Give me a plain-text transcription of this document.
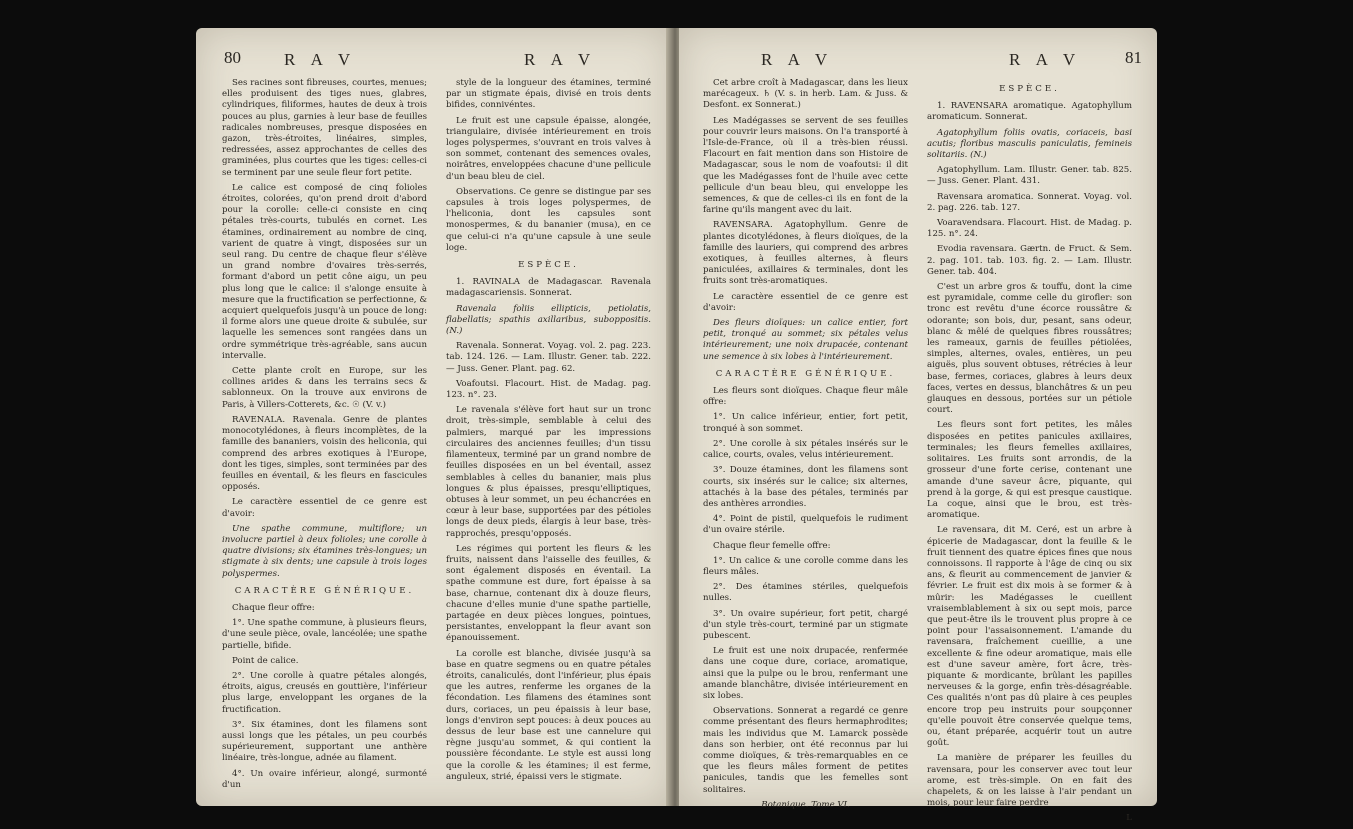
80	R A V	R A V

Ses racines sont fibreuses, courtes, menues; elles produisent des tiges nues, glabres, cylindriques, filiformes, hautes de deux à trois pouces au plus, garnies à leur base de feuilles radicales nombreuses, presque disposées en gazon, très-étroites, linéaires, simples, redressées, assez approchantes de celles des graminées, plus courtes que les tiges: celles-ci se terminent par une seule fleur fort petite.

Le calice est composé de cinq folioles étroites, colorées, qu'on prend droit d'abord pour la corolle: celle-ci consiste en cinq pétales très-courts, tubulés en cornet. Les étamines, ordinairement au nombre de cinq, varient de quatre à vingt, disposées sur un seul rang. Du centre de chaque fleur s'élève un grand nombre d'ovaires très-serrés, formant d'abord un petit cône aigu, un peu plus long que le calice: il s'alonge ensuite à mesure que la fructification se perfectionne, & acquiert quelquefois jusqu'à un pouce de long: il forme alors une queue droite & subulée, sur laquelle les semences sont rangées dans un ordre symmétrique très-agréable, sans aucun intervalle.

Cette plante croît en Europe, sur les collines arides & dans les terrains secs & sablonneux. On la trouve aux environs de Paris, à Villers-Cotterets, &c. ☉ (V. v.)

RAVENALA. Ravenala. Genre de plantes monocotylédones, à fleurs incomplètes, de la famille des bananiers, voisin des heliconia, qui comprend des arbres exotiques à l'Europe, dont les tiges, simples, sont terminées par des feuilles en éventail, & les fleurs en fascicules opposés.

Le caractère essentiel de ce genre est d'avoir:

Une spathe commune, multiflore; un involucre partiel à deux folioles; une corolle à quatre divisions; six étamines très-longues; un stigmate à six dents; une capsule à trois loges polyspermes.

CARACTÈRE GÉNÉRIQUE.

Chaque fleur offre:

1°. Une spathe commune, à plusieurs fleurs, d'une seule pièce, ovale, lancéolée; une spathe partielle, bifide.

Point de calice.

2°. Une corolle à quatre pétales alongés, étroits, aigus, creusés en gouttière, l'inférieur plus large, enveloppant les organes de la fructification.

3°. Six étamines, dont les filamens sont aussi longs que les pétales, un peu courbés supérieurement, supportant une anthère linéaire, très-longue, adnée au filament.

4°. Un ovaire inférieur, alongé, surmonté d'un

style de la longueur des étamines, terminé par un stigmate épais, divisé en trois dents bifides, connivéntes.

Le fruit est une capsule épaisse, alongée, triangulaire, divisée intérieurement en trois loges polyspermes, s'ouvrant en trois valves à son sommet, contenant des semences ovales, noirâtres, enveloppées chacune d'une pellicule d'un beau bleu de ciel.

Observations. Ce genre se distingue par ses capsules à trois loges polyspermes, de l'heliconia, dont les capsules sont monospermes, & du bananier (musa), en ce que celui-ci n'a qu'une capsule à une seule loge.

ESPÈCE.

1. RAVINALA de Madagascar. Ravenala madagascariensis. Sonnerat.

Ravenala foliis ellipticis, petiolatis, flabellatis; spathis axillaribus, suboppositis. (N.)

Ravenala. Sonnerat. Voyag. vol. 2. pag. 223. tab. 124. 126. — Lam. Illustr. Gener. tab. 222. — Juss. Gener. Plant. pag. 62.

Voafoutsi. Flacourt. Hist. de Madag. pag. 123. n°. 23.

Le ravenala s'élève fort haut sur un tronc droit, très-simple, semblable à celui des palmiers, marqué par les impressions circulaires des anciennes feuilles; d'un tissu filamenteux, terminé par un grand nombre de feuilles disposées en un bel éventail, assez semblables à celles du bananier, mais plus longues & plus épaisses, presqu'elliptiques, obtuses à leur sommet, un peu échancrées en cœur à leur base, supportées par des pétioles longs de deux pieds, élargis à leur base, très-rapprochés, presqu'opposés.

Les régimes qui portent les fleurs & les fruits, naissent dans l'aisselle des feuilles, & sont également disposés en éventail. La spathe commune est dure, fort épaisse à sa base, charnue, contenant dix à douze fleurs, chacune d'elles munie d'une spathe partielle, partagée en deux pièces longues, pointues, persistantes, enveloppant la fleur avant son épanouissement.

La corolle est blanche, divisée jusqu'à sa base en quatre segmens ou en quatre pétales étroits, canaliculés, dont l'inférieur, plus épais que les autres, renferme les organes de la fécondation. Les filamens des étamines sont durs, coriaces, un peu épaissis à leur base, longs d'environ sept pouces: à deux pouces au dessus de leur base est une cannelure qui règne jusqu'au sommet, & qui contient la poussière fécondante. Le style est aussi long que la corolle & les étamines; il est ferme, anguleux, strié, épaissi vers le stigmate.

R A V	R A V	81

Cet arbre croît à Madagascar, dans les lieux marécageux. ♄ (V. s. in herb. Lam. & Juss. & Desfont. ex Sonnerat.)

Les Madégasses se servent de ses feuilles pour couvrir leurs maisons. On l'a transporté à l'Isle-de-France, où il a très-bien réussi. Flacourt en fait mention dans son Histoire de Madagascar, sous le nom de voafoutsi: il dit que les Madégasses font de l'huile avec cette pellicule d'un beau bleu, qui enveloppe les semences, & que de celles-ci ils en font de la farine qu'ils mangent avec du lait.

RAVENSARA. Agatophyllum. Genre de plantes dicotylédones, à fleurs dioïques, de la famille des lauriers, qui comprend des arbres exotiques, à feuilles alternes, à fleurs paniculées, axillaires & terminales, dont les fruits sont très-aromatiques.

Le caractère essentiel de ce genre est d'avoir:

Des fleurs dioïques: un calice entier, fort petit, tronqué au sommet; six pétales velus intérieurement; une noix drupacée, contenant une semence à six lobes à l'intérieurement.

CARACTÈRE GÉNÉRIQUE.

Les fleurs sont dioïques. Chaque fleur mâle offre:

1°. Un calice inférieur, entier, fort petit, tronqué à son sommet.

2°. Une corolle à six pétales insérés sur le calice, courts, ovales, velus intérieurement.

3°. Douze étamines, dont les filamens sont courts, six insérés sur le calice; six alternes, attachés à la base des pétales, terminés par des anthères arrondies.

4°. Point de pistil, quelquefois le rudiment d'un ovaire stérile.

Chaque fleur femelle offre:

1°. Un calice & une corolle comme dans les fleurs mâles.

2°. Des étamines stériles, quelquefois nulles.

3°. Un ovaire supérieur, fort petit, chargé d'un style très-court, terminé par un stigmate pubescent.

Le fruit est une noix drupacée, renfermée dans une coque dure, coriace, aromatique, ainsi que la pulpe ou le brou, renfermant une amande blanchâtre, divisée intérieurement en six lobes.

Observations. Sonnerat a regardé ce genre comme présentant des fleurs hermaphrodites; mais les individus que M. Lamarck possède dans son herbier, ont été reconnus par lui comme dioïques, & très-remarquables en ce que les fleurs mâles forment de petites panicules, tandis que les femelles sont solitaires.

Botanique. Tome VI.

ESPÈCE.

1. RAVENSARA aromatique. Agatophyllum aromaticum. Sonnerat.

Agatophyllum foliis ovatis, coriaceis, basi acutis; floribus masculis paniculatis, femineis solitariis. (N.)

Agatophyllum. Lam. Illustr. Gener. tab. 825. — Juss. Gener. Plant. 431.

Ravensara aromatica. Sonnerat. Voyag. vol. 2. pag. 226. tab. 127.

Voaravendsara. Flacourt. Hist. de Madag. p. 125. n°. 24.

Evodia ravensara. Gærtn. de Fruct. & Sem. 2. pag. 101. tab. 103. fig. 2. — Lam. Illustr. Gener. tab. 404.

C'est un arbre gros & touffu, dont la cime est pyramidale, comme celle du girofler: son tronc est revêtu d'une écorce roussâtre & odorante; son bois, dur, pesant, sans odeur, blanc & mêlé de quelques fibres roussâtres; les rameaux, garnis de feuilles pétiolées, simples, alternes, ovales, entières, un peu aiguës, plus souvent obtuses, rétrécies à leur base, fermes, coriaces, glabres à leurs deux faces, vertes en dessus, blanchâtres & un peu glauques en dessous, portées sur un pétiole court.

Les fleurs sont fort petites, les mâles disposées en petites panicules axillaires, terminales; les fleurs femelles axillaires, solitaires. Les fruits sont arrondis, de la grosseur d'une forte cerise, contenant une amande d'une saveur âcre, piquante, qui prend à la gorge, & qui est presque caustique. La coque, ainsi que le brou, est très-aromatique.

Le ravensara, dit M. Ceré, est un arbre à épicerie de Madagascar, dont la feuille & le fruit tiennent des quatre épices fines que nous connoissons. Il rapporte à l'âge de cinq ou six ans, & fleurit au commencement de janvier & février. Le fruit est dix mois à se former & à mûrir: les Madégasses le cueillent vraisemblablement à six ou sept mois, parce que peut-être ils le trouvent plus propre à ce point pour l'assaisonnement. L'amande du ravensara, fraîchement cueillie, a une excellente & fine odeur aromatique, mais elle est d'une saveur amère, fort âcre, très-piquante & mordicante, brûlant les papilles nerveuses & la gorge, enfin très-désagréable. Ces qualités n'ont pas dû plaire à ces peuples encore trop peu instruits pour soupçonner qu'elle pouvoit être conservée quelque tems, ou, étant préparée, acquérir tout un autre goût.

La manière de préparer les feuilles du ravensara, pour les conserver avec tout leur arome, est très-simple. On en fait des chapelets, & on les laisse à l'air pendant un mois, pour leur faire perdre

L
